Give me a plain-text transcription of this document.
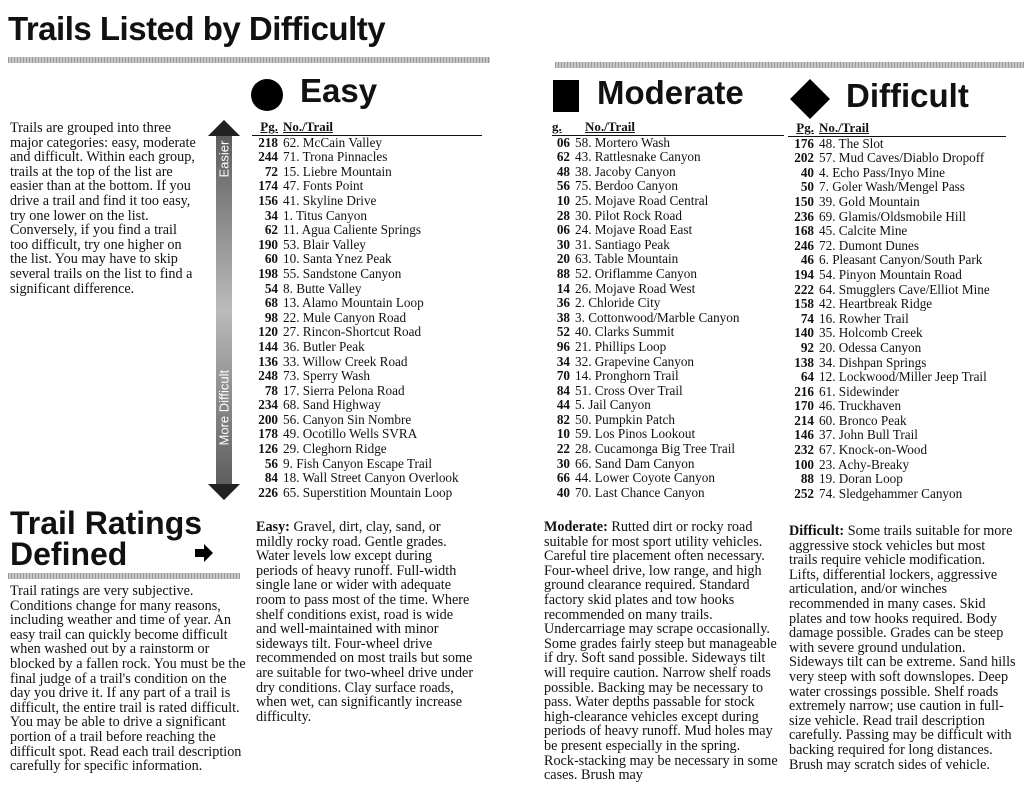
Trails Listed by Difficulty
Trails are grouped into three major categories: easy, moderate and difficult. Within each group, trails at the top of the list are easier than at the bottom. If you drive a trail and find it too easy, try one lower on the list. Conversely, if you find a trail too difficult, try one higher on the list. You may have to skip several trails on the list to find a significant difference.
Easy
Easier
Pg. No./Trail
218 62. McCain Valley
244 71. Trona Pinnacles
72 15. Liebre Mountain
174 47. Fonts Point
156 41. Skyline Drive
34 1. Titus Canyon
62 11. Agua Caliente Springs
190 53. Blair Valley
60 10. Santa Ynez Peak
198 55. Sandstone Canyon
54 8. Butte Valley
68 13. Alamo Mountain Loop
98 22. Mule Canyon Road
120 27. Rincon-Shortcut Road
144 36. Butler Peak
136 33. Willow Creek Road
248 73. Sperry Wash
78 17. Sierra Pelona Road
234 68. Sand Highway
200 56. Canyon Sin Nombre
178 49. Ocotillo Wells SVRA
126 29. Cleghorn Ridge
56 9. Fish Canyon Escape Trail
84 18. Wall Street Canyon Overlook
226 65. Superstition Mountain Loop
Moderate
g.	No./Trail
06 58. Mortero Wash
62 43. Rattlesnake Canyon
48 38. Jacoby Canyon
56 75. Berdoo Canyon
10 25. Mojave Road Central
28 30. Pilot Rock Road
06 24. Mojave Road East
30 31. Santiago Peak
20 63. Table Mountain
88 52. Oriflamme Canyon
14 26. Mojave Road West
36 2. Chloride City
38 3. Cottonwood/Marble Canyon
52 40. Clarks Summit
96 21. Phillips Loop
34 32. Grapevine Canyon
70 14. Pronghorn Trail
84 51. Cross Over Trail
44 5. Jail Canyon
82 50. Pumpkin Patch
10 59. Los Pinos Lookout
22 28. Cucamonga Big Tree Trail
30 66. Sand Dam Canyon
66 44. Lower Coyote Canyon
40 70. Last Chance Canyon
Difficult
Pg. No./Trail
176 48. The Slot
202 57. Mud Caves/Diablo Dropoff
40 4. Echo Pass/Inyo Mine
50 7. Goler Wash/Mengel Pass
150 39. Gold Mountain
236 69. Glamis/Oldsmobile Hill
168 45. Calcite Mine
246 72. Dumont Dunes
46 6. Pleasant Canyon/South Park
194 54. Pinyon Mountain Road
222 64. Smugglers Cave/Elliot Mine
158 42. Heartbreak Ridge
74 16. Rowher Trail
140 35. Holcomb Creek
92 20. Odessa Canyon
138 34. Dishpan Springs
64 12. Lockwood/Miller Jeep Trail
216 61. Sidewinder
170 46. Truckhaven
214 60. Bronco Peak
146 37. John Bull Trail
232 67. Knock-on-Wood
100 23. Achy-Breaky
88 19. Doran Loop
252 74. Sledgehammer Canyon
Trail Ratings
Defined
Trail ratings are very subjective. Conditions change for many reasons, including weather and time of year. An easy trail can quickly become difficult when washed out by a rainstorm or blocked by a fallen rock. You must be the final judge of a trail's condition on the day you drive it. If any part of a trail is difficult, the entire trail is rated difficult. You may be able to drive a significant portion of a trail before reaching the difficult spot. Read each trail description carefully for specific information.
Easy: Gravel, dirt, clay, sand, or mildly rocky road. Gentle grades. Water levels low except during periods of heavy runoff. Full-width single lane or wider with adequate room to pass most of the time. Where shelf conditions exist, road is wide and well-maintained with minor sideways tilt. Four-wheel drive recommended on most trails but some are suitable for two-wheel drive under dry conditions. Clay surface roads, when wet, can significantly increase difficulty.
Moderate: Rutted dirt or rocky road suitable for most sport utility vehicles. Careful tire placement often necessary. Four-wheel drive, low range, and high ground clearance required. Standard factory skid plates and tow hooks recommended on many trails. Undercarriage may scrape occasionally. Some grades fairly steep but manageable if dry. Soft sand possible. Sideways tilt will require caution. Narrow shelf roads possible. Backing may be necessary to pass. Water depths passable for stock high-clearance vehicles except during periods of heavy runoff. Mud holes may be present especially in the spring. Rock-stacking may be necessary in some cases. Brush may
Difficult: Some trails suitable for more aggressive stock vehicles but most trails require vehicle modification. Lifts, differential lockers, aggressive articulation, and/or winches recommended in many cases. Skid plates and tow hooks required. Body damage possible. Grades can be steep with severe ground undulation. Sideways tilt can be extreme. Sand hills very steep with soft downslopes. Deep water crossings possible. Shelf roads extremely narrow; use caution in full-size vehicle. Read trail description carefully. Passing may be difficult with backing required for long distances. Brush may scratch sides of vehicle.
